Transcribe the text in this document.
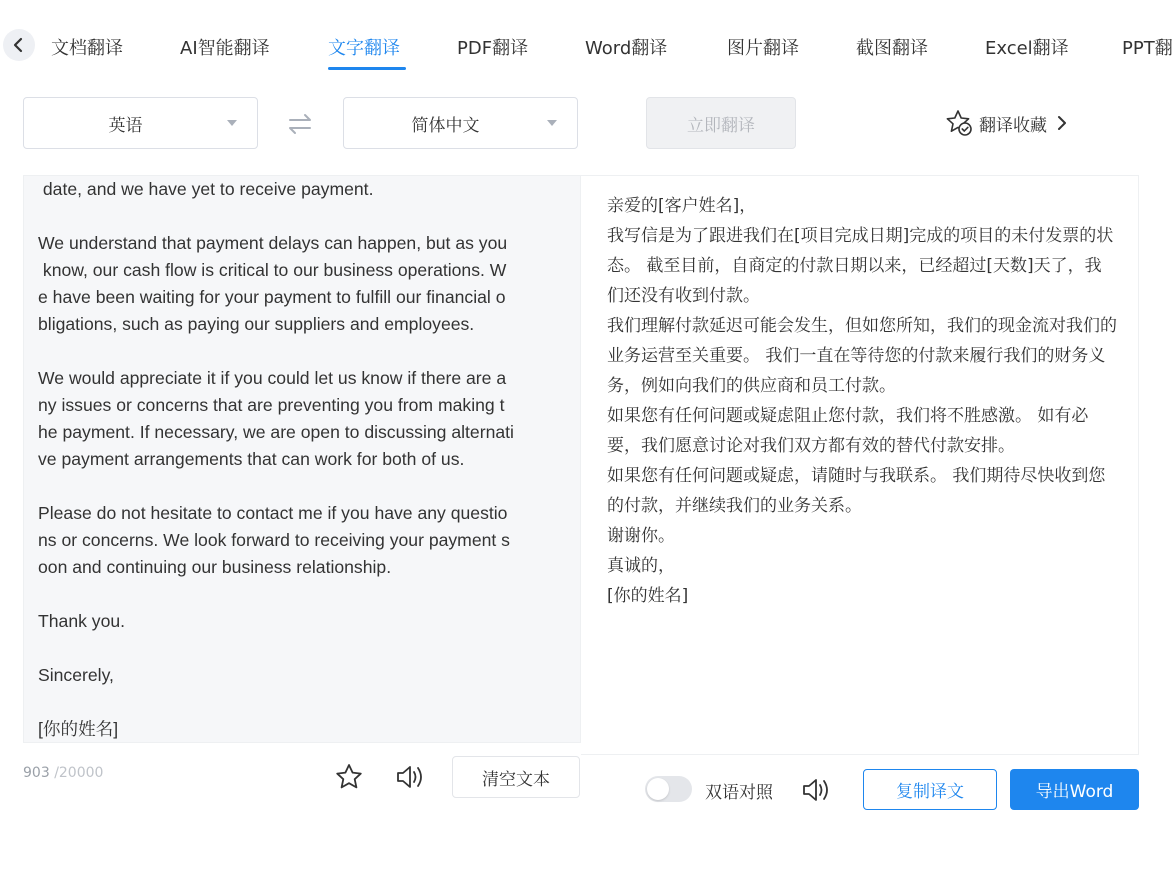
文档翻译	AI智能翻译	文字翻译	PDF翻译	Word翻译	图片翻译	截图翻译	Excel翻译	PPT翻
英语	简体中文	立即翻译	翻译收藏
date, and we have yet to receive payment.

We understand that payment delays can happen, but as you
know, our cash flow is critical to our business operations. W
e have been waiting for your payment to fulfill our financial o
bligations, such as paying our suppliers and employees.

We would appreciate it if you could let us know if there are a
ny issues or concerns that are preventing you from making t
he payment. If necessary, we are open to discussing alternati
ve payment arrangements that can work for both of us.

Please do not hesitate to contact me if you have any questio
ns or concerns. We look forward to receiving your payment s
oon and continuing our business relationship.

Thank you.

Sincerely,

[你的姓名]

亲爱的[客户姓名]，

我写信是为了跟进我们在[项目完成日期]完成的项目的未付发票的状态。 截至目前，自商定的付款日期以来，已经超过[天数]天了，我们还没有收到付款。

我们理解付款延迟可能会发生，但如您所知，我们的现金流对我们的业务运营至关重要。 我们一直在等待您的付款来履行我们的财务义务，例如向我们的供应商和员工付款。

如果您有任何问题或疑虑阻止您付款，我们将不胜感激。 如有必要，我们愿意讨论对我们双方都有效的替代付款安排。

如果您有任何问题或疑虑，请随时与我联系。 我们期待尽快收到您的付款，并继续我们的业务关系。

谢谢你。

真诚的，

[你的姓名]

903 /20000	清空文本
双语对照	复制译文	导出Word
